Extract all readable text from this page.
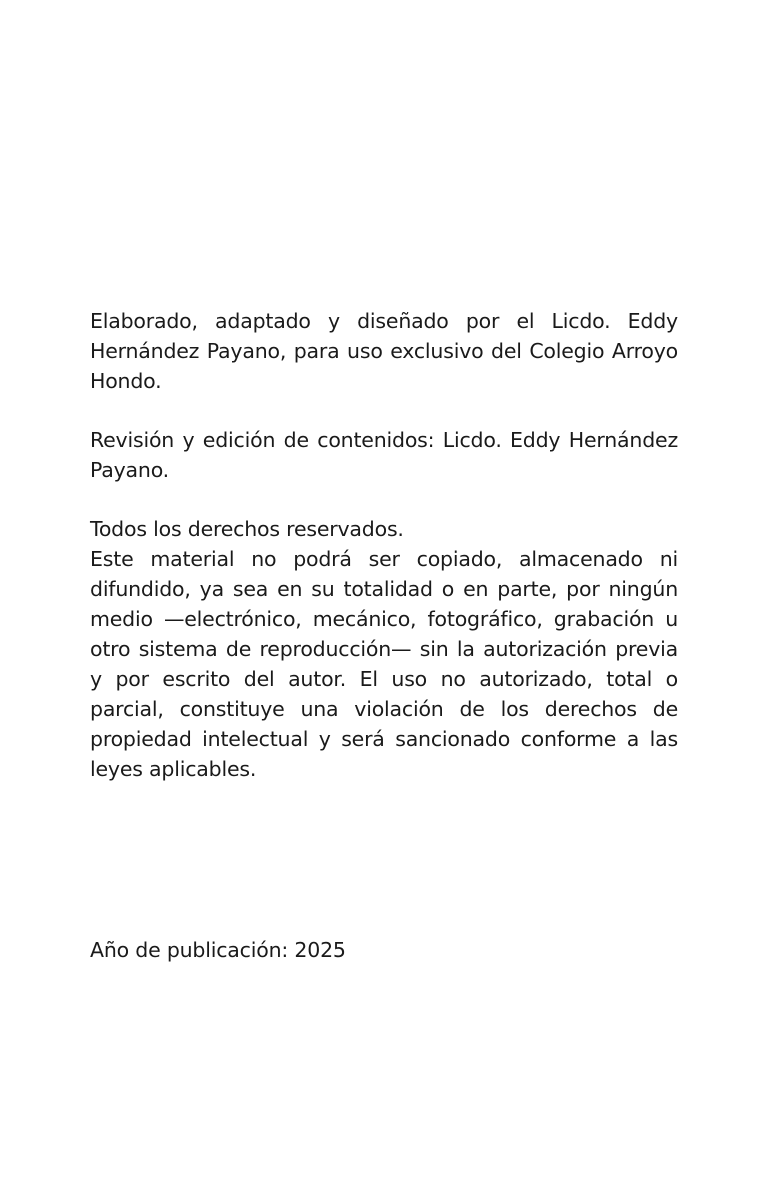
Elaborado, adaptado y diseñado por el Licdo. Eddy Hernández Payano, para uso exclusivo del Colegio Arroyo Hondo.

Revisión y edición de contenidos: Licdo. Eddy Hernández Payano.

Todos los derechos reservados.

Este material no podrá ser copiado, almacenado ni difundido, ya sea en su totalidad o en parte, por ningún medio —electrónico, mecánico, fotográfico, grabación u otro sistema de reproducción— sin la autorización previa y por escrito del autor. El uso no autorizado, total o parcial, constituye una violación de los derechos de propiedad intelectual y será sancionado conforme a las leyes aplicables.

Año de publicación: 2025
